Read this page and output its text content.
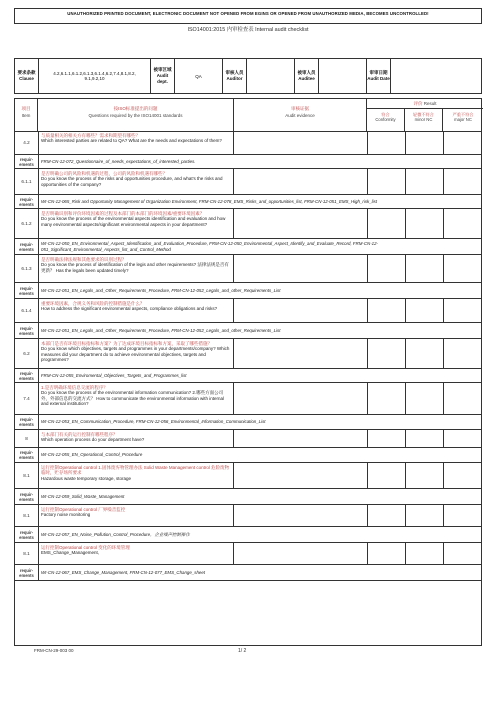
UNAUTHORIZED PRINTED DOCUMENT, ELECTRONIC DOCUMENT NOT OPENED FROM EGINS OR OPENED FROM UNAUTHORIZED MEDIA, BECOMES UNCONTROLLED!
ISO14001:2015 内审检查表 Internal audit checklist
要求条款
Clause
4.2,6.1.1,6.1.2,6.1.3,6.1.4,6.2,7.4,8.1,8.2,
9.1,9.2,10
被审区域
Audit dept.
QA
审核人员
Auditor
被审人员
Auditee
审审日期
Audit Date
项目
Item
按ISO标准提出的问题
Questions required by the ISO14001 standards
审核证据
Audit evidence
评价 Result
符合
Conformity
轻微不符合
minor NC
严重不符合
major NC
4.2
与质量相关的相关方有哪些？需求和期望有哪些？
Which interested parties are related to QA? What are the needs and expectations of them?
requir-ements
FRM-CN-12-072_Questionnaire_of_needs_expectations_of_interested_parties.
6.1.1
是否明确公司的风险和机遇的过程，公司的风险和机遇有哪些？
Do you know the process of the risks and opportunities procedure, and what's the risks and opportunities of the company?
requir-ements
WI-CN-12-065_Risk and Opportunity Management of Organization Environment, FRM-CN-12-078_EMS_Risks_and_opportunities_list, FRM-CN-12-051_EMS_High_risk_list
6.1.2
是否明确识别和评价环境因素的过程及本部门的本部门的环境因素/重要环境因素？
Do you know the process of the environmental aspects identification and evaluation and how many environmental aspects/significant environmental aspects in your department?
requir-ements
WI-CN-12-050_EN_Environmental_Aspect_Identification_and_Evaluation_Procedure, FRM-CN-12-050_Environmental_Aspect_Identify_and_Evaluate_Record, FRM-CN-12-051_Significant_Environmental_Aspects_list_and_Control_Method
6.1.3
是否明确法律法规和其他要求的识别过程？
Do you know the process of identification of the legis and other requirements? 法律法规是否有更新？ Has the legals been updated timely?
requir-ements
WI-CN-12-051_EN_Legals_and_Other_Requirements_Procedure, FRM-CN-12-052_Legals_and_other_Requirements_List
6.1.4
重要环境因素，合规义务和风险的控制措施是什么？
How to address the significant environmental aspects, compliance obligations and risks?
requir-ements
WI-CN-12-051_EN_Legals_and_Other_Requirements_Procedure, FRM-CN-12-052_Legals_and_other_Requirements_List
6.2
本部门是否有环境目标指标和方案？为了达成环境目标指标和方案，采取了哪些措施？
Do you know which objectives, targets and programmes in your departments/company? Which measures did your department do to achieve environmental objectives, targets and programmes?
requir-ements
FRM-CN-12-055_Enviromental_Objectives_Targets_and_Programmes_list
7.4
1.是否明确环境信息交流的程序？
Do you know the process of the environmental information communication? 2.哪些方面公司外，外部信息的交流方式？ How to communicate the environmental information with internal and external institution?
requir-ements
WI-CN-12-053_EN_Communication_Procedure, FRM-CN-12-056_Environmental_Information_Communication_List
8
与本部门有关的运行控制有哪些程序？
Which operation process do your department have?
requir-ements
WI-CN-12-055_EN_Operational_Control_Procedure
8.1
运行控制Operational control 1.固体废弃物管理办法 Solid Waste Management control 危险废物临时，贮存场所要求
Hazardous waste temporary storage, storage
requir-ements
WI-CN-12-059_Solid_Waste_Management
8.1
运行控制Operational control 厂界噪音监控
Factory noise monitoring
requir-ements
WI-CN-12-057_EN_Noise_Pollution_Control_Procedure，企业噪声控制操作
8.1
运行控制Operational control 变化的环境管理
EMS_Change_Management,
requir-ements
WI-CN-12-067_EMS_Change_Management, FRM-CN-12-077_EMS_Change_sheet
FRM-CN-29-003 00	1/ 2
